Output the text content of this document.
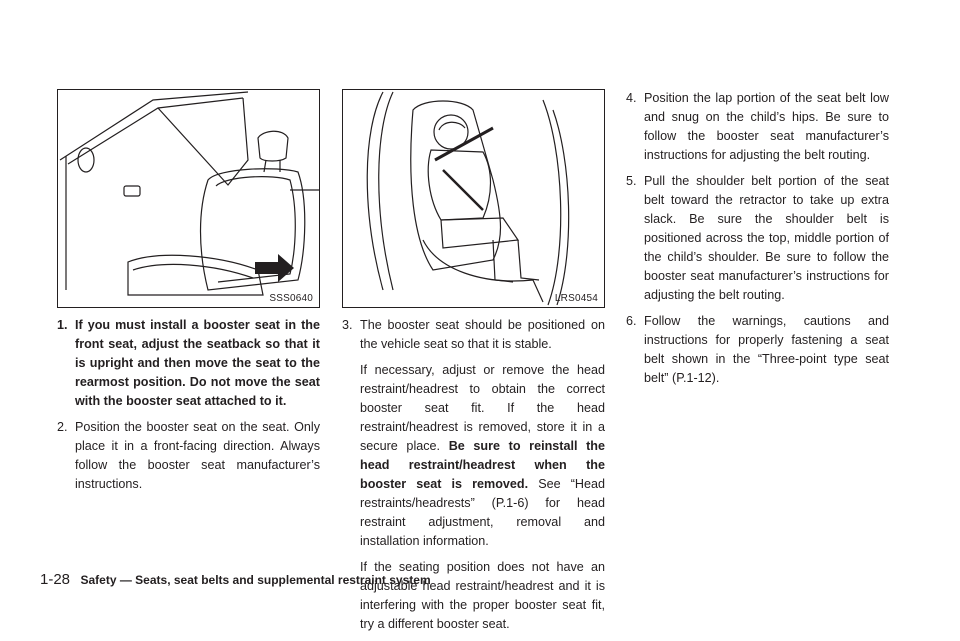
SSS0640	LRS0454
1. If you must install a booster seat in the front seat, adjust the seatback so that it is upright and then move the seat to the rearmost position. Do not move the seat with the booster seat attached to it.
2. Position the booster seat on the seat. Only place it in a front-facing direction. Always follow the booster seat manufacturer’s instructions.
3. The booster seat should be positioned on the vehicle seat so that it is stable.

If necessary, adjust or remove the head restraint/headrest to obtain the correct booster seat fit. If the head restraint/headrest is removed, store it in a secure place. Be sure to reinstall the head restraint/headrest when the booster seat is removed. See “Head restraints/headrests” (P.1-6) for head restraint adjustment, removal and installation information.

If the seating position does not have an adjustable head restraint/headrest and it is interfering with the proper booster seat fit, try a different booster seat.

4. Position the lap portion of the seat belt low and snug on the child’s hips. Be sure to follow the booster seat manufacturer’s instructions for adjusting the belt routing.
5. Pull the shoulder belt portion of the seat belt toward the retractor to take up extra slack. Be sure the shoulder belt is positioned across the top, middle portion of the child’s shoulder. Be sure to follow the booster seat manufacturer’s instructions for adjusting the belt routing.
6. Follow the warnings, cautions and instructions for properly fastening a seat belt shown in the “Three-point type seat belt” (P.1-12).
1-28 Safety — Seats, seat belts and supplemental restraint system
